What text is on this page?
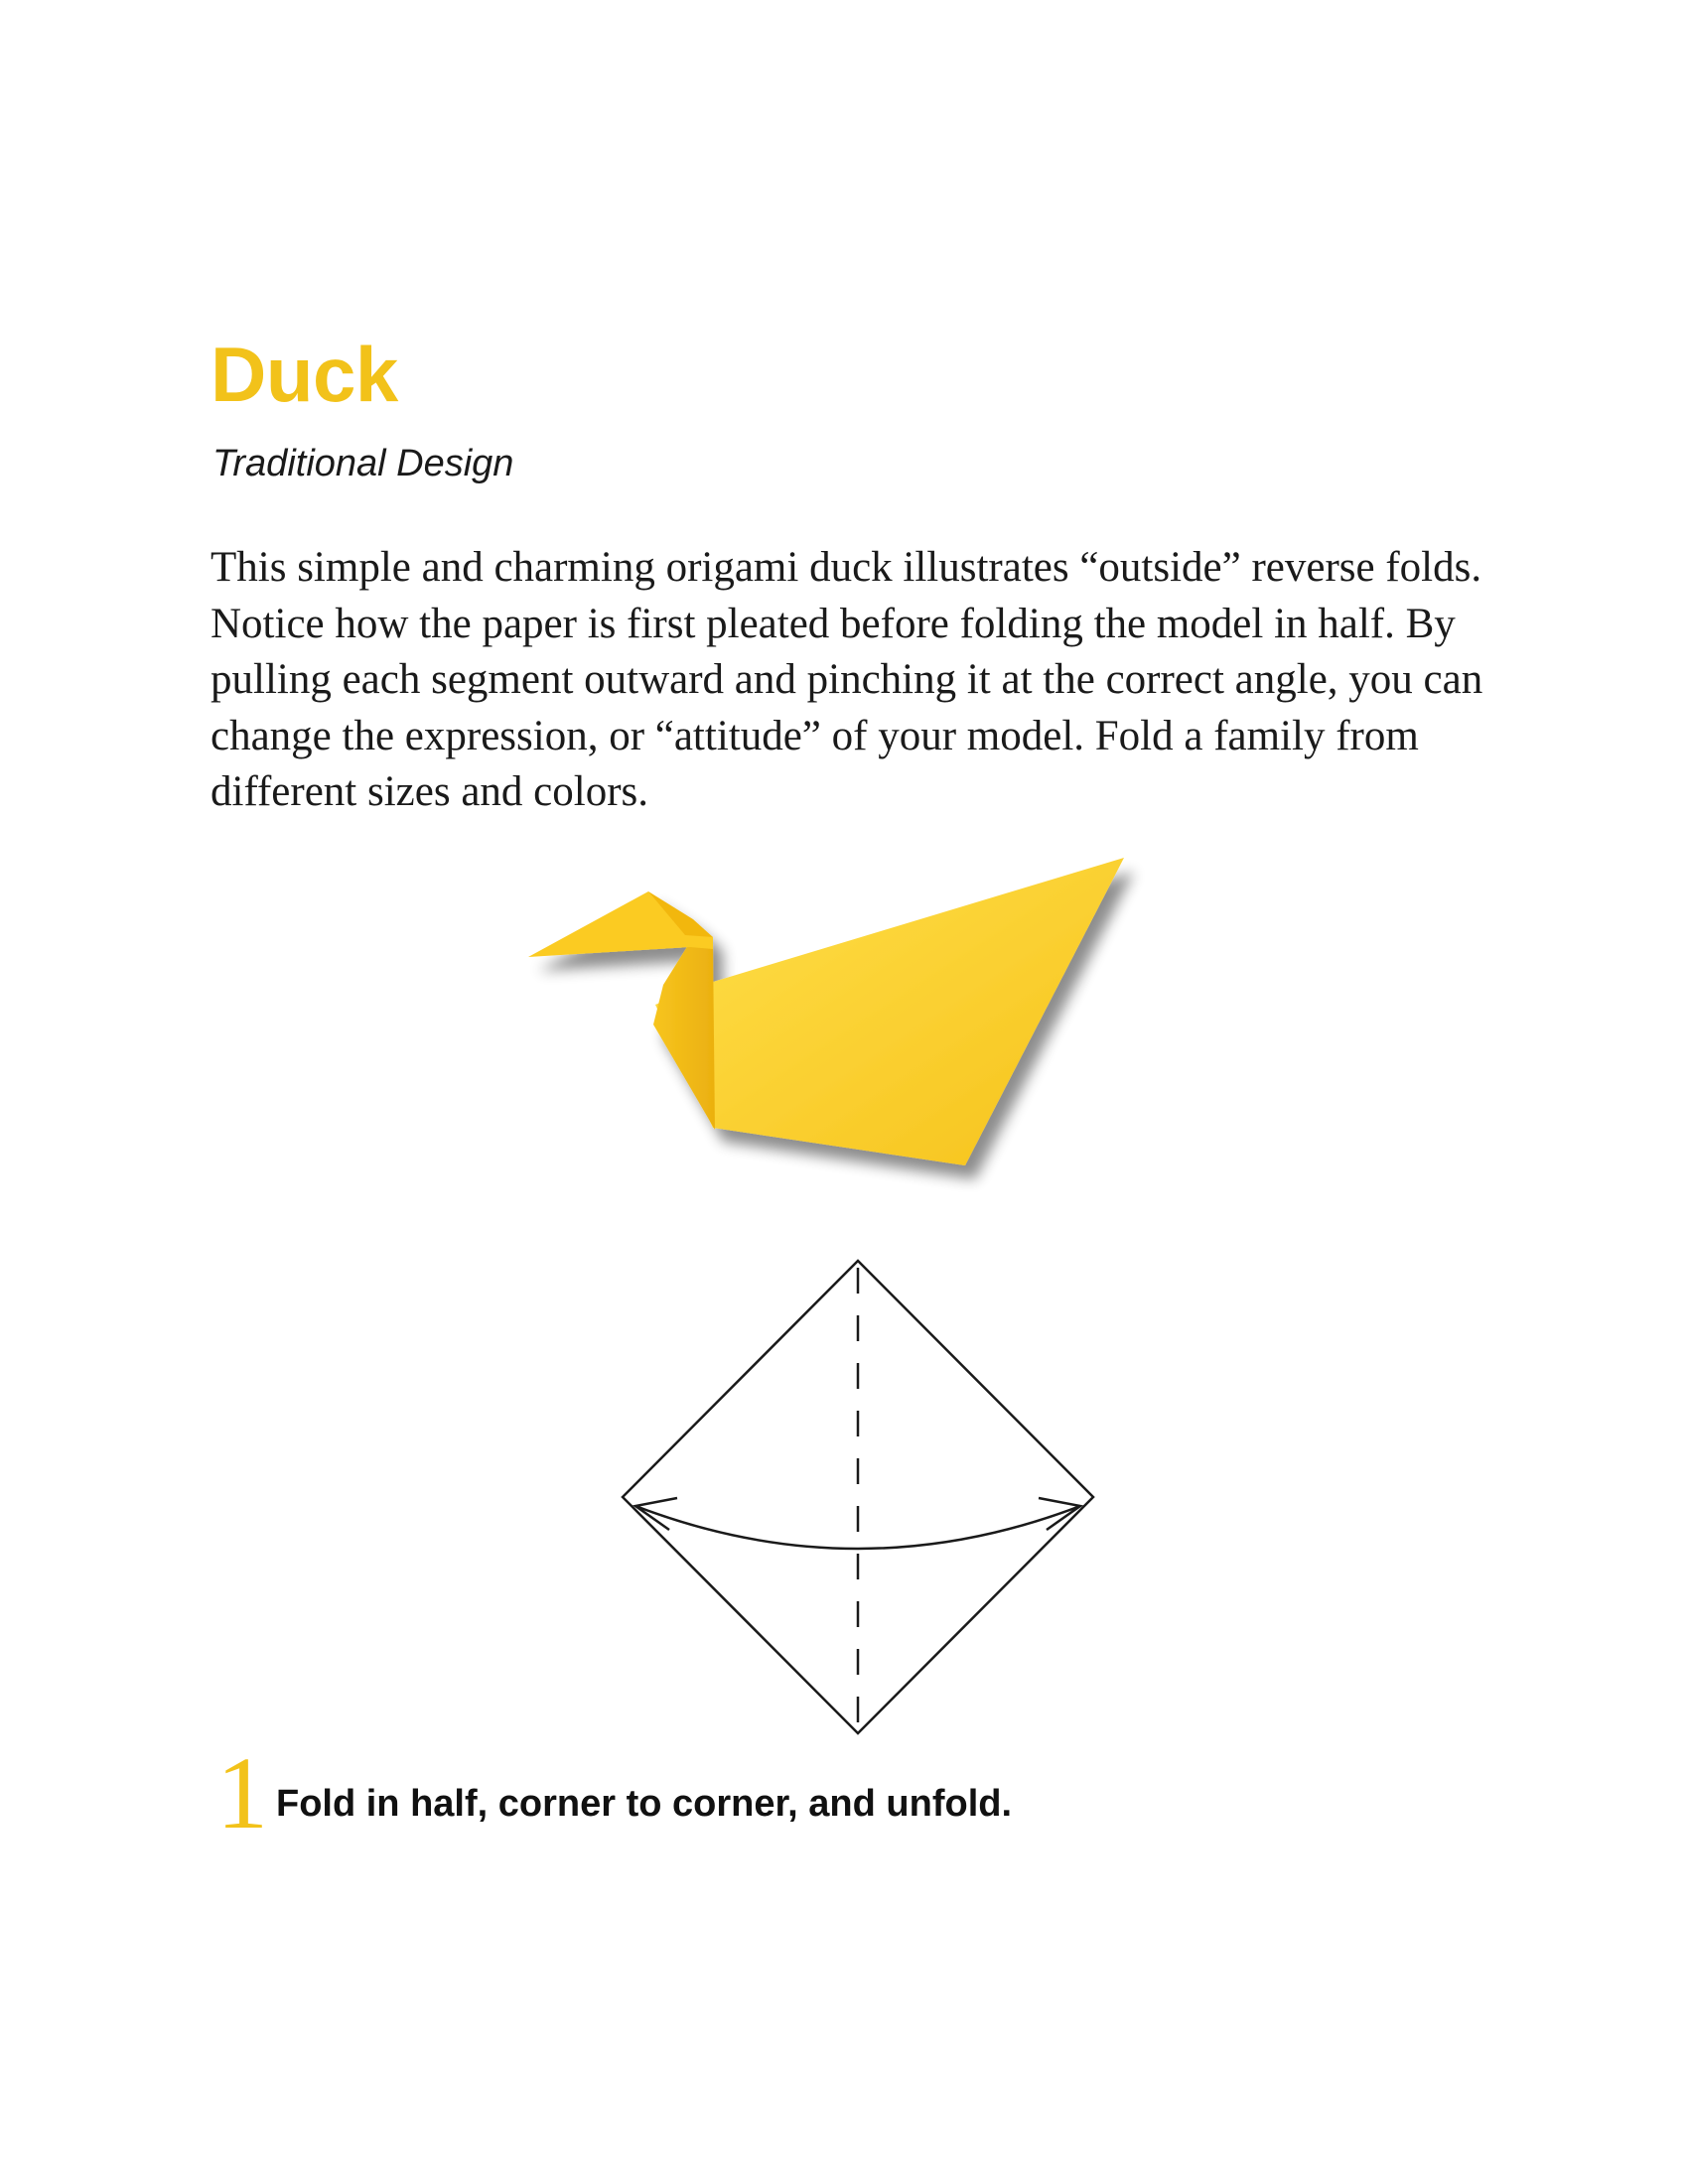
Duck

Traditional Design

This simple and charming origami duck illustrates “outside” reverse folds. Notice how the paper is first pleated before folding the model in half. By pulling each segment outward and pinching it at the correct angle, you can change the expression, or “attitude” of your model. Fold a family from different sizes and colors.

1 Fold in half, corner to corner, and unfold.
